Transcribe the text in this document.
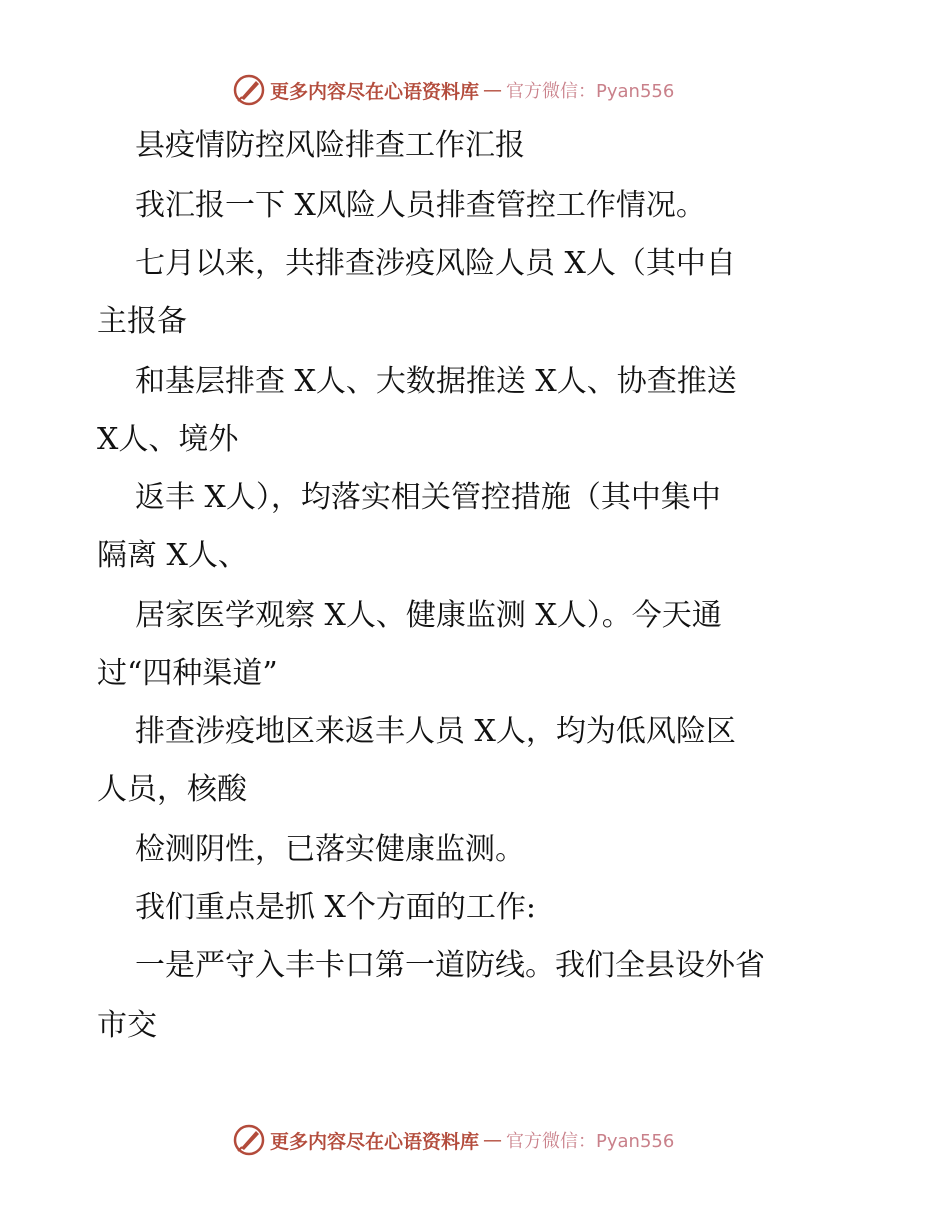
更多内容尽在心语资料库 — 官方微信：Pyan556
县疫情防控风险排查工作汇报
我汇报一下 X风险人员排查管控工作情况。
七月以来，共排查涉疫风险人员 X人（其中自
主报备
和基层排查 X人、大数据推送 X人、协查推送
X人、境外
返丰 X人），均落实相关管控措施（其中集中
隔离 X人、
居家医学观察 X人、健康监测 X人）。今天通
过“四种渠道”
排查涉疫地区来返丰人员 X人，均为低风险区
人员，核酸
检测阴性，已落实健康监测。
我们重点是抓 X个方面的工作:
一是严守入丰卡口第一道防线。我们全县设外省
市交
更多内容尽在心语资料库 — 官方微信：Pyan556
